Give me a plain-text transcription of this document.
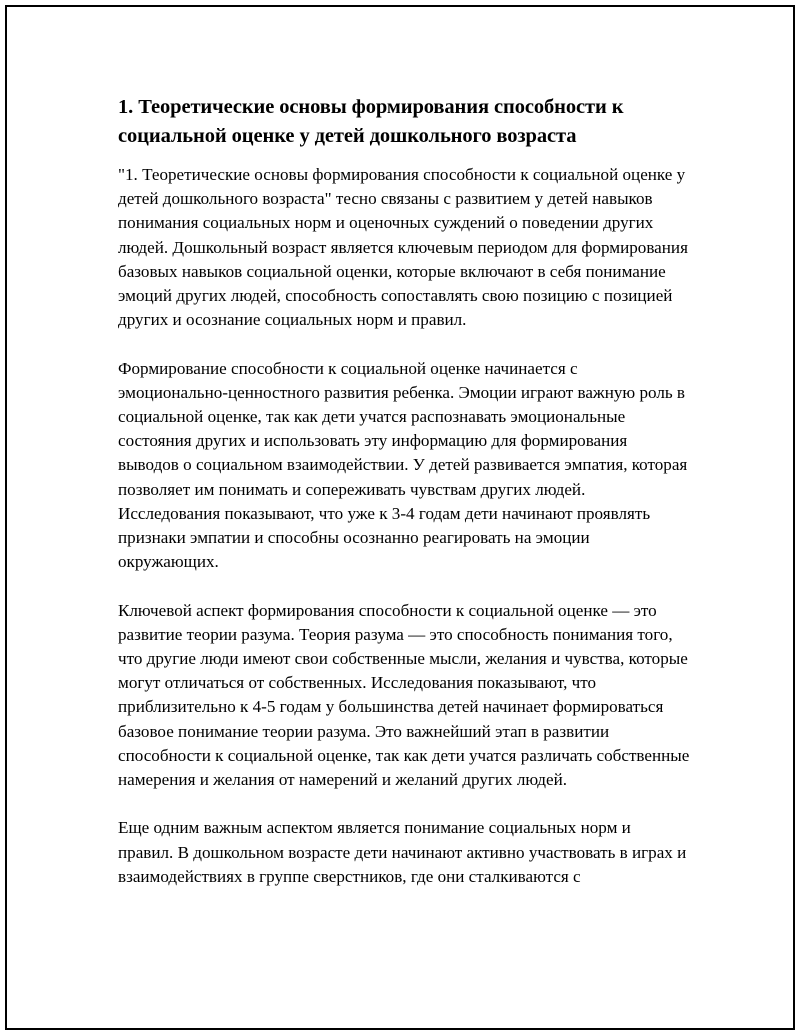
1. Теоретические основы формирования способности к социальной оценке у детей дошкольного возраста

"1. Теоретические основы формирования способности к социальной оценке у детей дошкольного возраста" тесно связаны с развитием у детей навыков понимания социальных норм и оценочных суждений о поведении других людей. Дошкольный возраст является ключевым периодом для формирования базовых навыков социальной оценки, которые включают в себя понимание эмоций других людей, способность сопоставлять свою позицию с позицией других и осознание социальных норм и правил.

Формирование способности к социальной оценке начинается с эмоционально-ценностного развития ребенка. Эмоции играют важную роль в социальной оценке, так как дети учатся распознавать эмоциональные состояния других и использовать эту информацию для формирования выводов о социальном взаимодействии. У детей развивается эмпатия, которая позволяет им понимать и сопереживать чувствам других людей. Исследования показывают, что уже к 3-4 годам дети начинают проявлять признаки эмпатии и способны осознанно реагировать на эмоции окружающих.

Ключевой аспект формирования способности к социальной оценке — это развитие теории разума. Теория разума — это способность понимания того, что другие люди имеют свои собственные мысли, желания и чувства, которые могут отличаться от собственных. Исследования показывают, что приблизительно к 4-5 годам у большинства детей начинает формироваться базовое понимание теории разума. Это важнейший этап в развитии способности к социальной оценке, так как дети учатся различать собственные намерения и желания от намерений и желаний других людей.

Еще одним важным аспектом является понимание социальных норм и правил. В дошкольном возрасте дети начинают активно участвовать в играх и взаимодействиях в группе сверстников, где они сталкиваются с
